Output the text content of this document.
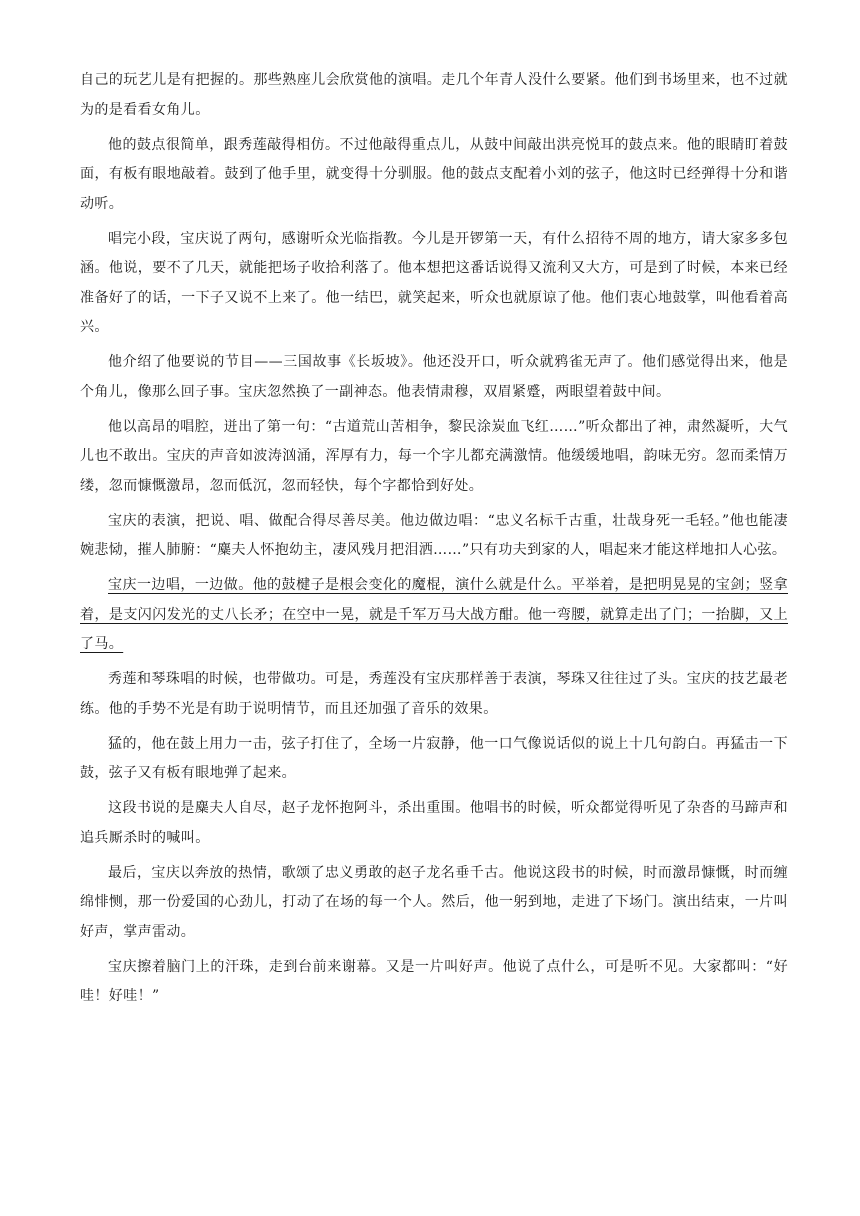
自己的玩艺儿是有把握的。那些熟座儿会欣赏他的演唱。走几个年青人没什么要紧。他们到书场里来，也不过就为的是看看女角儿。

他的鼓点很简单，跟秀莲敲得相仿。不过他敲得重点儿，从鼓中间敲出洪亮悦耳的鼓点来。他的眼睛盯着鼓面，有板有眼地敲着。鼓到了他手里，就变得十分驯服。他的鼓点支配着小刘的弦子，他这时已经弹得十分和谐动听。

唱完小段，宝庆说了两句，感谢听众光临指教。今儿是开锣第一天，有什么招待不周的地方，请大家多多包涵。他说，要不了几天，就能把场子收拾利落了。他本想把这番话说得又流利又大方，可是到了时候，本来已经准备好了的话，一下子又说不上来了。他一结巴，就笑起来，听众也就原谅了他。他们衷心地鼓掌，叫他看着高兴。

他介绍了他要说的节目——三国故事《长坂坡》。他还没开口，听众就鸦雀无声了。他们感觉得出来，他是个角儿，像那么回子事。宝庆忽然换了一副神态。他表情肃穆，双眉紧蹙，两眼望着鼓中间。

他以高昂的唱腔，迸出了第一句：“古道荒山苦相争，黎民涂炭血飞红……”听众都出了神，肃然凝听，大气儿也不敢出。宝庆的声音如波涛汹涌，浑厚有力，每一个字儿都充满激情。他缓缓地唱，韵味无穷。忽而柔情万缕，忽而慷慨激昂，忽而低沉，忽而轻快，每个字都恰到好处。

宝庆的表演，把说、唱、做配合得尽善尽美。他边做边唱：“忠义名标千古重，壮哉身死一毛轻。”他也能凄婉悲恸，摧人肺腑：“麋夫人怀抱幼主，凄风残月把泪洒……”只有功夫到家的人，唱起来才能这样地扣人心弦。

宝庆一边唱，一边做。他的鼓楗子是根会变化的魔棍，演什么就是什么。平举着，是把明晃晃的宝剑；竖拿着，是支闪闪发光的丈八长矛；在空中一晃，就是千军万马大战方酣。他一弯腰，就算走出了门；一抬脚，又上了马。

秀莲和琴珠唱的时候，也带做功。可是，秀莲没有宝庆那样善于表演，琴珠又往往过了头。宝庆的技艺最老练。他的手势不光是有助于说明情节，而且还加强了音乐的效果。

猛的，他在鼓上用力一击，弦子打住了，全场一片寂静，他一口气像说话似的说上十几句韵白。再猛击一下鼓，弦子又有板有眼地弹了起来。

这段书说的是麋夫人自尽，赵子龙怀抱阿斗，杀出重围。他唱书的时候，听众都觉得听见了杂沓的马蹄声和追兵厮杀时的喊叫。

最后，宝庆以奔放的热情，歌颂了忠义勇敢的赵子龙名垂千古。他说这段书的时候，时而激昂慷慨，时而缠绵悱恻，那一份爱国的心劲儿，打动了在场的每一个人。然后，他一躬到地，走进了下场门。演出结束，一片叫好声，掌声雷动。

宝庆擦着脑门上的汗珠，走到台前来谢幕。又是一片叫好声。他说了点什么，可是听不见。大家都叫：“好哇！好哇！”
